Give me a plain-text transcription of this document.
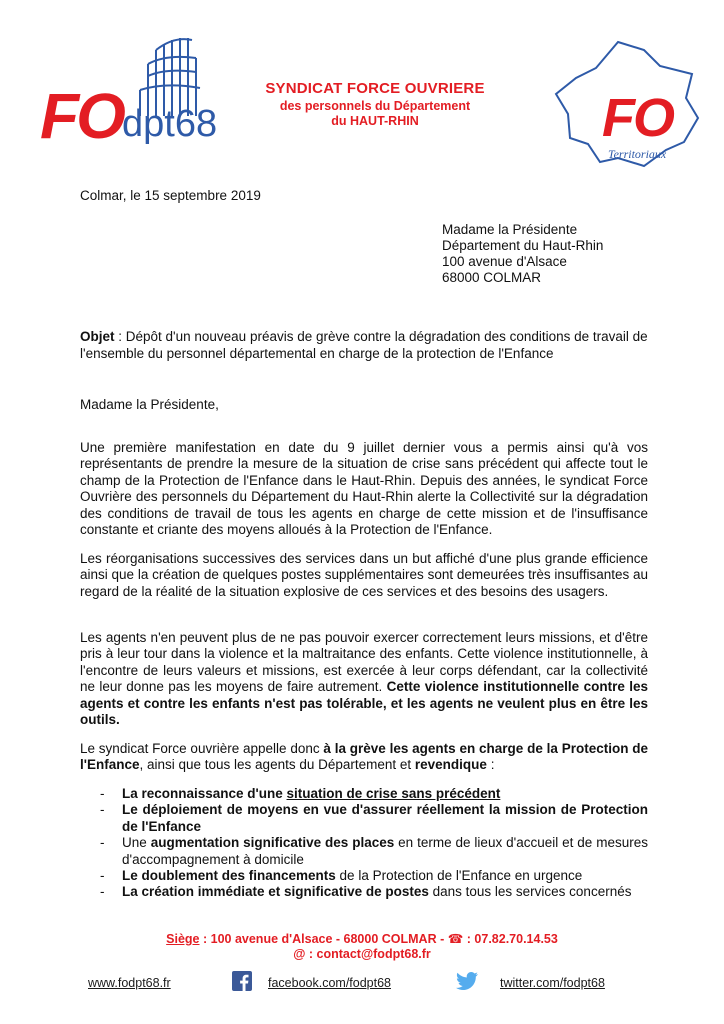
FO dpt68
SYNDICAT FORCE OUVRIERE
des personnels du Département
du HAUT-RHIN	FO
Territoriaux
Colmar, le 15 septembre 2019
Madame la Présidente
Département du Haut-Rhin
100 avenue d'Alsace
68000 COLMAR
Objet : Dépôt d'un nouveau préavis de grève contre la dégradation des conditions de travail de l'ensemble du personnel départemental en charge de la protection de l'Enfance
Madame la Présidente,
Une première manifestation en date du 9 juillet dernier vous a permis ainsi qu'à vos représentants de prendre la mesure de la situation de crise sans précédent qui affecte tout le champ de la Protection de l'Enfance dans le Haut-Rhin. Depuis des années, le syndicat Force Ouvrière des personnels du Département du Haut-Rhin alerte la Collectivité sur la dégradation des conditions de travail de tous les agents en charge de cette mission et de l'insuffisance constante et criante des moyens alloués à la Protection de l'Enfance.
Les réorganisations successives des services dans un but affiché d'une plus grande efficience ainsi que la création de quelques postes supplémentaires sont demeurées très insuffisantes au regard de la réalité de la situation explosive de ces services et des besoins des usagers.
Les agents n'en peuvent plus de ne pas pouvoir exercer correctement leurs missions, et d'être pris à leur tour dans la violence et la maltraitance des enfants. Cette violence institutionnelle, à l'encontre de leurs valeurs et missions, est exercée à leur corps défendant, car la collectivité ne leur donne pas les moyens de faire autrement. Cette violence institutionnelle contre les agents et contre les enfants n'est pas tolérable, et les agents ne veulent plus en être les outils.
Le syndicat Force ouvrière appelle donc à la grève les agents en charge de la Protection de l'Enfance, ainsi que tous les agents du Département et revendique :
- La reconnaissance d'une situation de crise sans précédent
- Le déploiement de moyens en vue d'assurer réellement la mission de Protection de l'Enfance
- Une augmentation significative des places en terme de lieux d'accueil et de mesures d'accompagnement à domicile
- Le doublement des financements de la Protection de l'Enfance en urgence
- La création immédiate et significative de postes dans tous les services concernés
Siège : 100 avenue d'Alsace - 68000 COLMAR - ☎ : 07.82.70.14.53
@ : contact@fodpt68.fr
www.fodpt68.fr	facebook.com/fodpt68	twitter.com/fodpt68
